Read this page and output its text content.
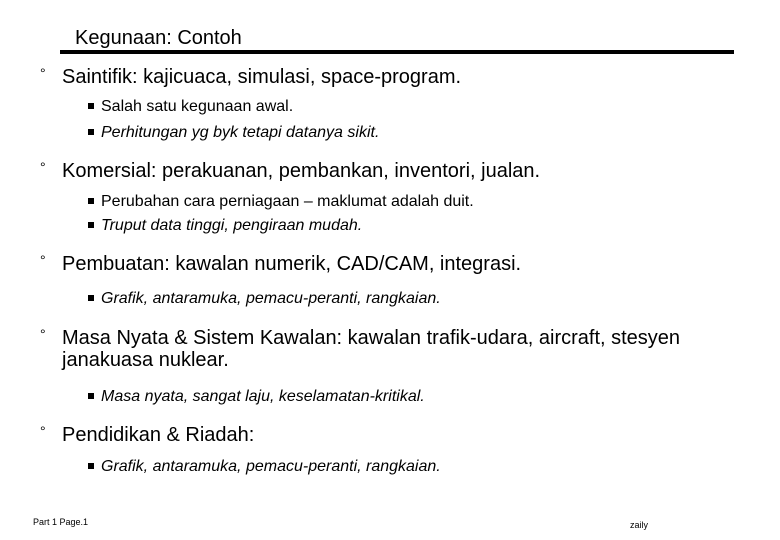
Kegunaan: Contoh
° Saintifik: kajicuaca, simulasi, space-program.
Salah satu kegunaan awal.
Perhitungan yg byk tetapi datanya sikit.
° Komersial: perakuanan, pembankan, inventori, jualan.
Perubahan cara perniagaan – maklumat adalah duit.
Truput data tinggi, pengiraan mudah.
° Pembuatan: kawalan numerik, CAD/CAM, integrasi.
Grafik, antaramuka, pemacu-peranti, rangkaian.
° Masa Nyata & Sistem Kawalan: kawalan trafik-udara, aircraft, stesyen janakuasa nuklear.
Masa nyata, sangat laju, keselamatan-kritikal.
° Pendidikan & Riadah:
Grafik, antaramuka, pemacu-peranti, rangkaian.
Part 1 Page.1	zaily
